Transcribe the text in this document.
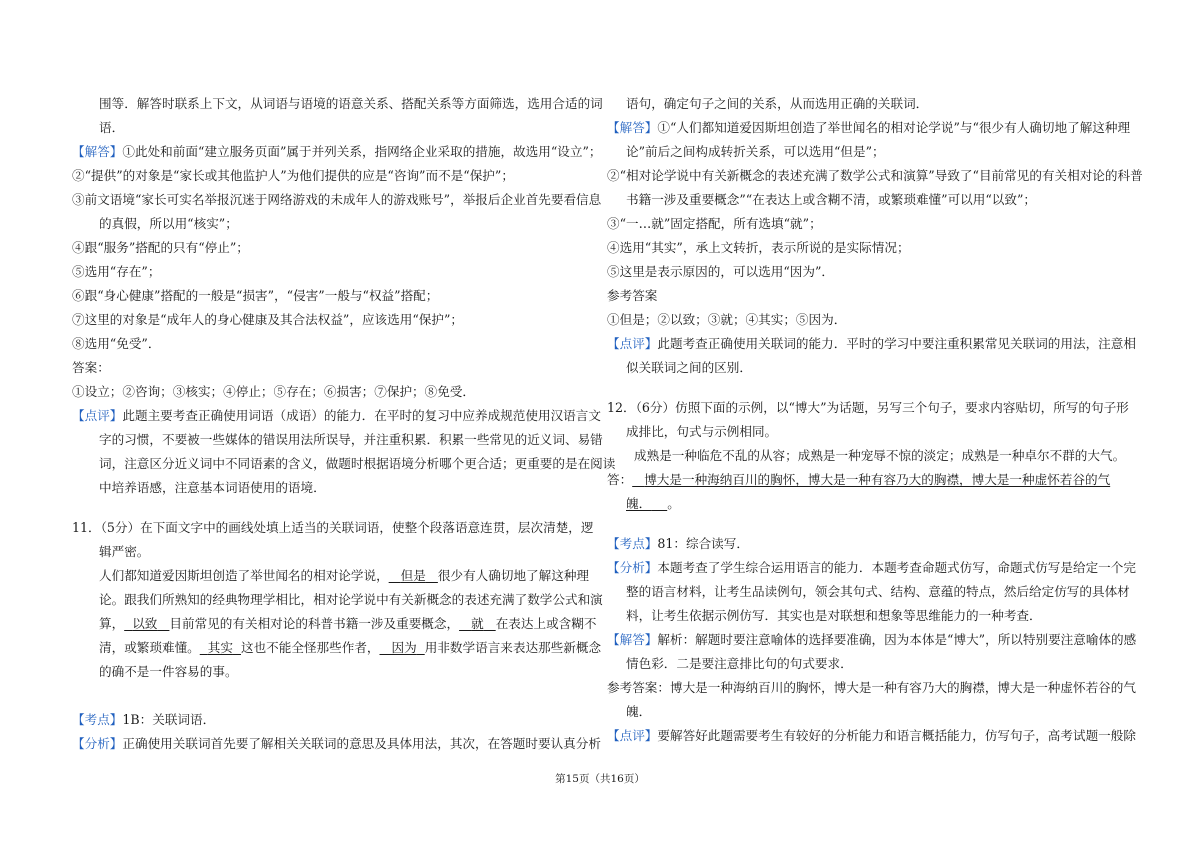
围等．解答时联系上下文，从词语与语境的语意关系、搭配关系等方面筛选，选用合适的词
语．
【解答】①此处和前面“建立服务页面”属于并列关系，指网络企业采取的措施，故选用“设立”；
②“提供”的对象是“家长或其他监护人”为他们提供的应是“咨询”而不是“保护”；
③前文语境“家长可实名举报沉迷于网络游戏的未成年人的游戏账号”，举报后企业首先要看信息
的真假，所以用“核实”；
④跟“服务”搭配的只有“停止”；
⑤选用“存在”；
⑥跟“身心健康”搭配的一般是“损害”，“侵害”一般与“权益”搭配；
⑦这里的对象是“成年人的身心健康及其合法权益”，应该选用“保护”；
⑧选用“免受”．
答案：
①设立；②咨询；③核实；④停止；⑤存在；⑥损害；⑦保护；⑧免受．
【点评】此题主要考查正确使用词语（成语）的能力．在平时的复习中应养成规范使用汉语言文
字的习惯，不要被一些媒体的错误用法所误导，并注重积累．积累一些常见的近义词、易错
词，注意区分近义词中不同语素的含义，做题时根据语境分析哪个更合适；更重要的是在阅读
中培养语感，注意基本词语使用的语境．
11．（5分）在下面文字中的画线处填上适当的关联词语，使整个段落语意连贯，层次清楚，逻
辑严密。
人们都知道爱因斯坦创造了举世闻名的相对论学说， 但是 很少有人确切地了解这种理
论。跟我们所熟知的经典物理学相比，相对论学说中有关新概念的表述充满了数学公式和演
算， 以致 目前常见的有关相对论的科普书籍一涉及重要概念， 就 在表达上或含糊不
清，或繁琐难懂。 其实 这也不能全怪那些作者， 因为 用非数学语言来表达那些新概念
的确不是一件容易的事。
【考点】1B：关联词语．
【分析】正确使用关联词首先要了解相关关联词的意思及具体用法，其次，在答题时要认真分析
语句，确定句子之间的关系，从而选用正确的关联词．
【解答】①“人们都知道爱因斯坦创造了举世闻名的相对论学说”与“很少有人确切地了解这种理
论”前后之间构成转折关系，可以选用“但是”；
②“相对论学说中有关新概念的表述充满了数学公式和演算”导致了“目前常见的有关相对论的科普
书籍一涉及重要概念”“在表达上或含糊不清，或繁琐难懂”可以用“以致”；
③“一…就”固定搭配，所有选填“就”；
④选用“其实”，承上文转折，表示所说的是实际情况；
⑤这里是表示原因的，可以选用“因为”．
参考答案
①但是；②以致；③就；④其实；⑤因为．
【点评】此题考查正确使用关联词的能力．平时的学习中要注重积累常见关联词的用法，注意相
似关联词之间的区别．
12．（6分）仿照下面的示例，以“博大”为话题，另写三个句子，要求内容贴切，所写的句子形
成排比，句式与示例相同。
成熟是一种临危不乱的从容；成熟是一种宠辱不惊的淡定；成熟是一种卓尔不群的大气。
答： 博大是一种海纳百川的胸怀，博大是一种有容乃大的胸襟，博大是一种虚怀若谷的气
魄． 。
【考点】81：综合读写．
【分析】本题考查了学生综合运用语言的能力．本题考查命题式仿写，命题式仿写是给定一个完
整的语言材料，让考生品读例句，领会其句式、结构、意蕴的特点，然后给定仿写的具体材
料，让考生依据示例仿写．其实也是对联想和想象等思维能力的一种考查．
【解答】解析：解题时要注意喻体的选择要准确，因为本体是“博大”，所以特别要注意喻体的感
情色彩．二是要注意排比句的句式要求．
参考答案：博大是一种海纳百川的胸怀，博大是一种有容乃大的胸襟，博大是一种虚怀若谷的气
魄．
【点评】要解答好此题需要考生有较好的分析能力和语言概括能力，仿写句子，高考试题一般除
第15页（共16页）
